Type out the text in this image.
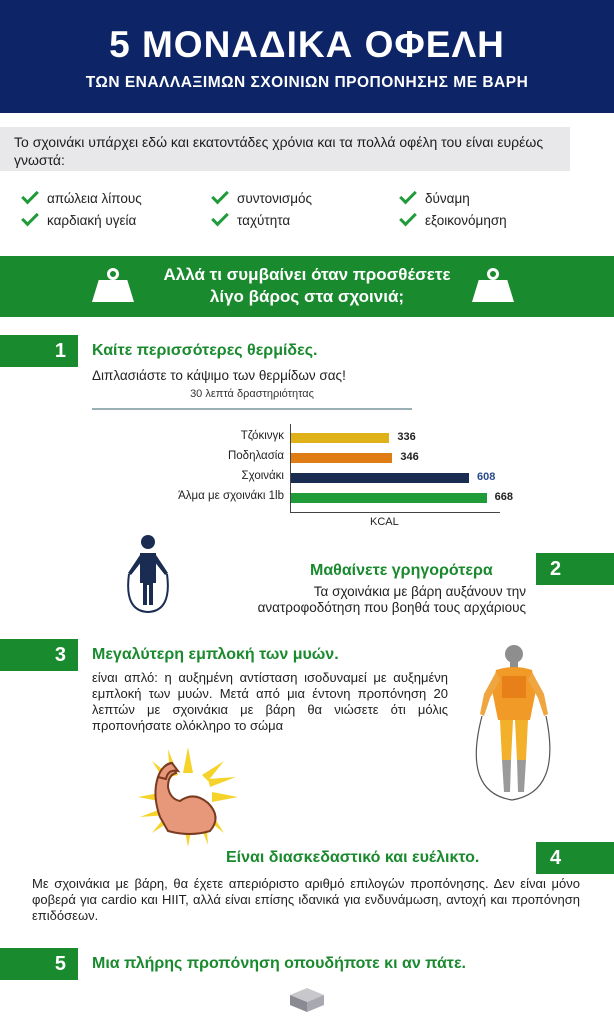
5 ΜΟΝΑΔΙΚΑ ΟΦΕΛΗ
ΤΩΝ ΕΝΑΛΛΑΞΙΜΩΝ ΣΧΟΙΝΙΩΝ ΠΡΟΠΟΝΗΣΗΣ ΜΕ ΒΑΡΗ
Το σχοινάκι υπάρχει εδώ και εκατοντάδες χρόνια και τα πολλά οφέλη του είναι ευρέως γνωστά:
απώλεια λίπους	συντονισμός	δύναμη
καρδιακή υγεία	ταχύτητα	εξοικονόμηση
Αλλά τι συμβαίνει όταν προσθέσετε
λίγο βάρος στα σχοινιά;
1	Καίτε περισσότερες θερμίδες.
Διπλασιάστε το κάψιμο των θερμίδων σας!
30 λεπτά δραστηριότητας
Τζόκινγκ	336
Ποδηλασία	346
Σχοινάκι	608
Άλμα με σχοινάκι 1lb	668
KCAL
Μαθαίνετε γρηγορότερα	2
Τα σχοινάκια με βάρη αυξάνουν την ανατροφοδότηση που βοηθά τους αρχάριους
3	Μεγαλύτερη εμπλοκή των μυών.
είναι απλό: η αυξημένη αντίσταση ισοδυναμεί με αυξημένη εμπλοκή των μυών. Μετά από μια έντονη προπόνηση 20 λεπτών με σχοινάκια με βάρη θα νιώσετε ότι μόλις προπονήσατε ολόκληρο το σώμα
Είναι διασκεδαστικό και ευέλικτο.	4
Με σχοινάκια με βάρη, θα έχετε απεριόριστο αριθμό επιλογών προπόνησης. Δεν είναι μόνο φοβερά για cardio και HIIT, αλλά είναι επίσης ιδανικά για ενδυνάμωση, αντοχή και προπόνηση επιδόσεων.
5	Μια πλήρης προπόνηση οπουδήποτε κι αν πάτε.
